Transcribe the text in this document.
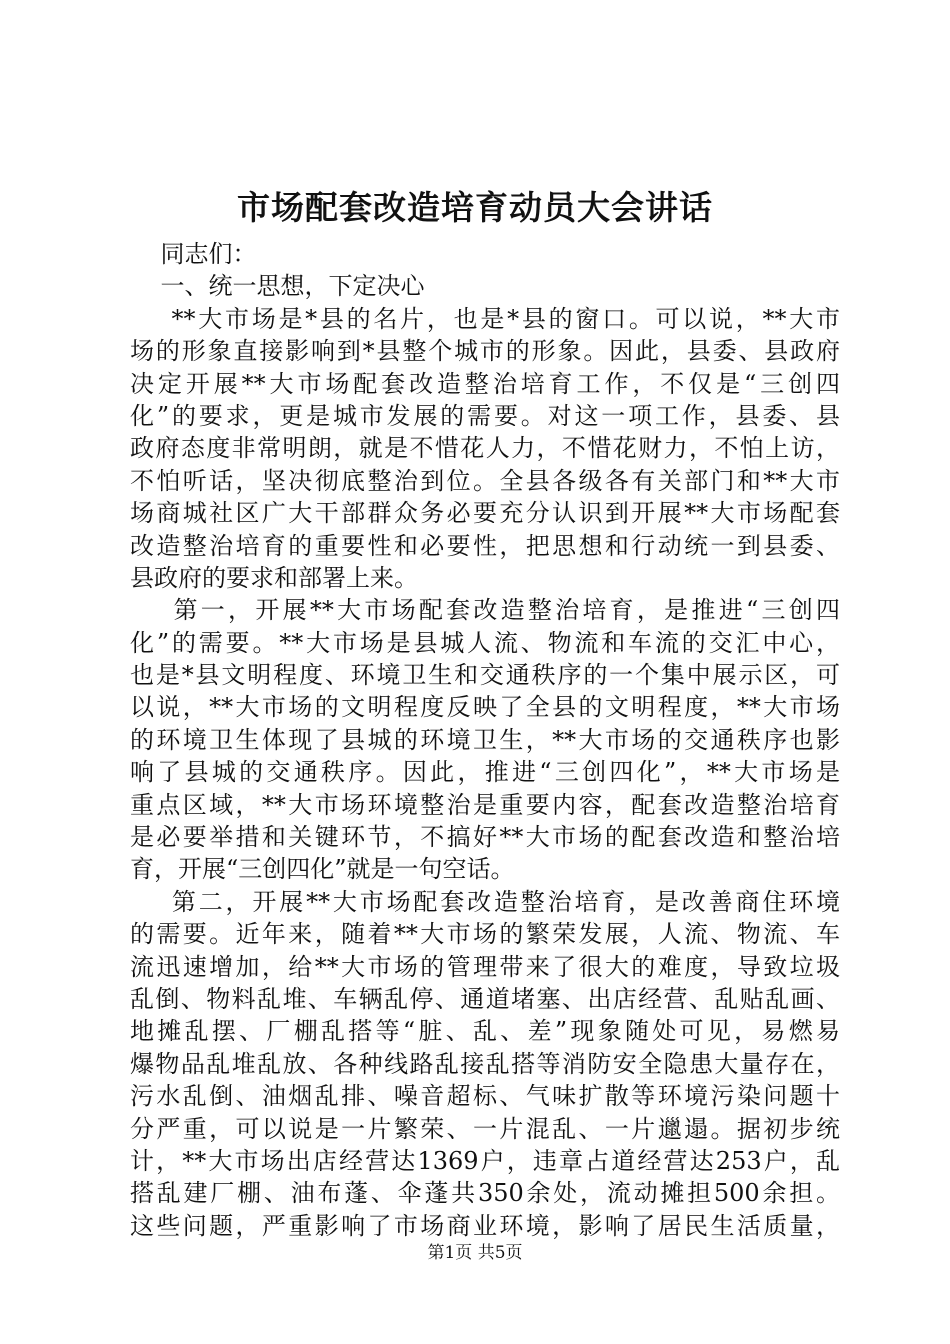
市场配套改造培育动员大会讲话
同志们：
一、统一思想，下定决心
**大市场是*县的名片，也是*县的窗口。可以说，**大市
场的形象直接影响到*县整个城市的形象。因此，县委、县政府
决定开展**大市场配套改造整治培育工作，不仅是“三创四
化”的要求，更是城市发展的需要。对这一项工作，县委、县
政府态度非常明朗，就是不惜花人力，不惜花财力，不怕上访，
不怕听话，坚决彻底整治到位。全县各级各有关部门和**大市
场商城社区广大干部群众务必要充分认识到开展**大市场配套
改造整治培育的重要性和必要性，把思想和行动统一到县委、
县政府的要求和部署上来。
第一，开展**大市场配套改造整治培育，是推进“三创四
化”的需要。**大市场是县城人流、物流和车流的交汇中心，
也是*县文明程度、环境卫生和交通秩序的一个集中展示区，可
以说，**大市场的文明程度反映了全县的文明程度，**大市场
的环境卫生体现了县城的环境卫生，**大市场的交通秩序也影
响了县城的交通秩序。因此，推进“三创四化”，**大市场是
重点区域，**大市场环境整治是重要内容，配套改造整治培育
是必要举措和关键环节，不搞好**大市场的配套改造和整治培
育，开展“三创四化”就是一句空话。
第二，开展**大市场配套改造整治培育，是改善商住环境
的需要。近年来，随着**大市场的繁荣发展，人流、物流、车
流迅速增加，给**大市场的管理带来了很大的难度，导致垃圾
乱倒、物料乱堆、车辆乱停、通道堵塞、出店经营、乱贴乱画、
地摊乱摆、厂棚乱搭等“脏、乱、差”现象随处可见，易燃易
爆物品乱堆乱放、各种线路乱接乱搭等消防安全隐患大量存在，
污水乱倒、油烟乱排、噪音超标、气味扩散等环境污染问题十
分严重，可以说是一片繁荣、一片混乱、一片邋遢。据初步统
计，**大市场出店经营达1369户，违章占道经营达253户，乱
搭乱建厂棚、油布蓬、伞蓬共350余处，流动摊担500余担。
这些问题，严重影响了市场商业环境，影响了居民生活质量，
第1页 共5页
